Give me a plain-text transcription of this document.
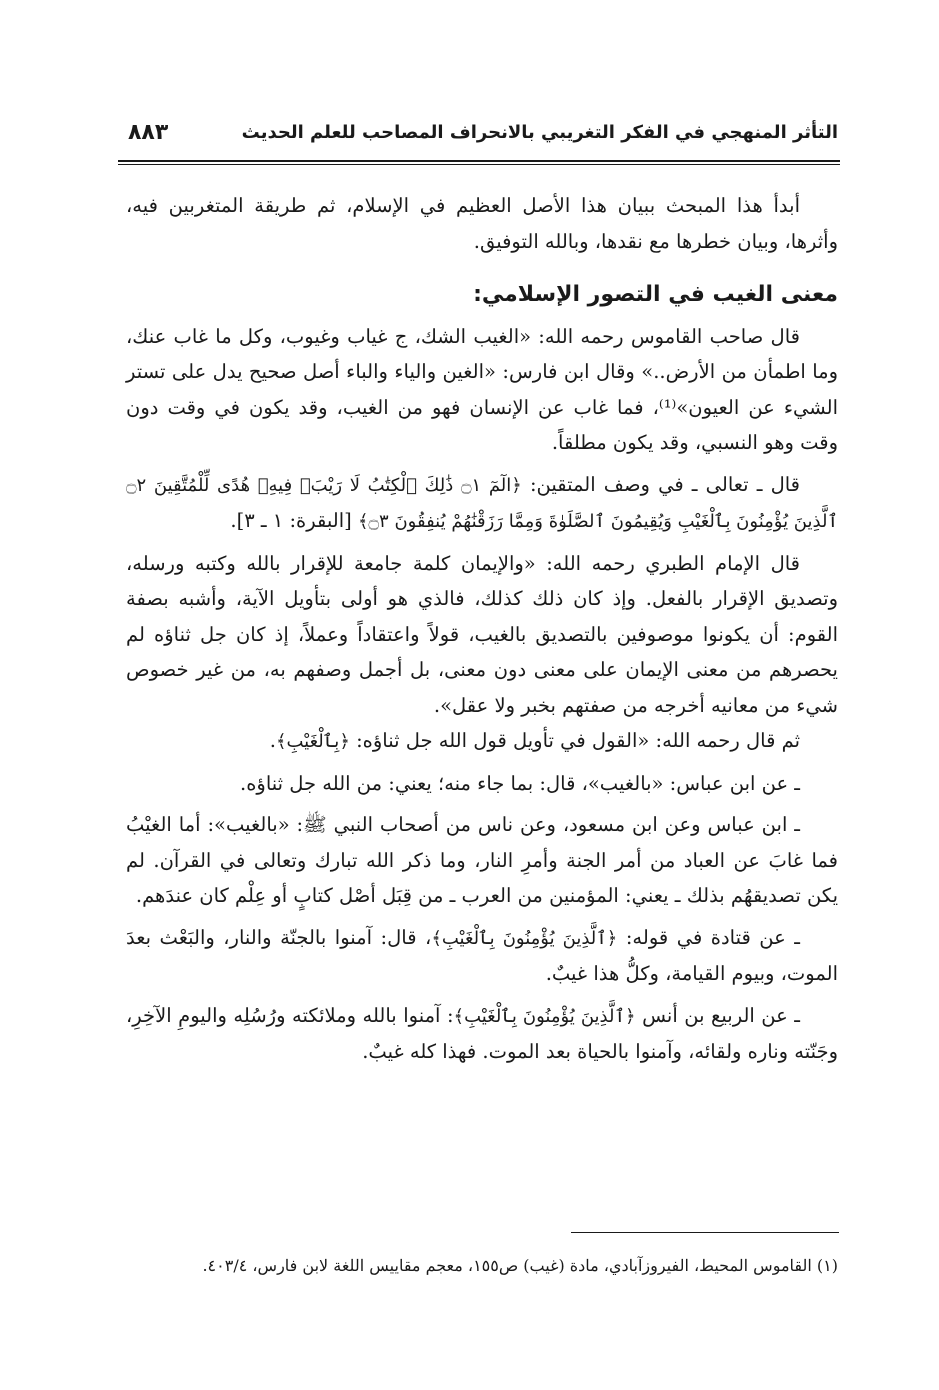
التأثر المنهجي في الفكر التغريبي بالانحراف المصاحب للعلم الحديث
٨٨٣

أبدأ هذا المبحث ببيان هذا الأصل العظيم في الإسلام، ثم طريقة المتغربين فيه، وأثرها، وبيان خطرها مع نقدها، وبالله التوفيق.

معنى الغيب في التصور الإسلامي:

قال صاحب القاموس رحمه الله: «الغيب الشك، ج غياب وغيوب، وكل ما غاب عنك، وما اطمأن من الأرض..» وقال ابن فارس: «الغين والياء والباء أصل صحيح يدل على تستر الشيء عن العيون»⁽¹⁾، فما غاب عن الإنسان فهو من الغيب، وقد يكون في وقت دون وقت وهو النسبي، وقد يكون مطلقاً.

قال ـ تعالى ـ في وصف المتقين: ﴿الٓمٓ ۝١ ذَٰلِكَ ٱلْكِتَٰبُ لَا رَيْبَۛ فِيهِۛ هُدًى لِّلْمُتَّقِينَ ۝٢ ٱلَّذِينَ يُؤْمِنُونَ بِٱلْغَيْبِ وَيُقِيمُونَ ٱلصَّلَوٰةَ وَمِمَّا رَزَقْنَٰهُمْ يُنفِقُونَ ۝٣﴾ [البقرة: ١ ـ ٣].

قال الإمام الطبري رحمه الله: «والإيمان كلمة جامعة للإقرار بالله وكتبه ورسله، وتصديق الإقرار بالفعل. وإذ كان ذلك كذلك، فالذي هو أولى بتأويل الآية، وأشبه بصفة القوم: أن يكونوا موصوفين بالتصديق بالغيب، قولاً واعتقاداً وعملاً، إذ كان جل ثناؤه لم يحصرهم من معنى الإيمان على معنى دون معنى، بل أجمل وصفهم به، من غير خصوص شيء من معانيه أخرجه من صفتهم بخبر ولا عقل».

ثم قال رحمه الله: «القول في تأويل قول الله جل ثناؤه: ﴿بِٱلْغَيْبِ﴾.

ـ عن ابن عباس: «بالغيب»، قال: بما جاء منه؛ يعني: من الله جل ثناؤه.

ـ ابن عباس وعن ابن مسعود، وعن ناس من أصحاب النبي ﷺ: «بالغيب»: أما الغيْبُ فما غابَ عن العباد من أمر الجنة وأمرِ النار، وما ذكر الله تبارك وتعالى في القرآن. لم يكن تصديقهُم بذلك ـ يعني: المؤمنين من العرب ـ من قِبَل أصْل كتابٍ أو عِلْم كان عندَهم.

ـ عن قتادة في قوله: ﴿ٱلَّذِينَ يُؤْمِنُونَ بِٱلْغَيْبِ﴾، قال: آمنوا بالجنّة والنار، والبَعْث بعدَ الموت، وبيوم القيامة، وكلُّ هذا غيبٌ.

ـ عن الربيع بن أنس ﴿ٱلَّذِينَ يُؤْمِنُونَ بِٱلْغَيْبِ﴾: آمنوا بالله وملائكته ورُسُلِه واليومِ الآخِرِ، وجَنّته وناره ولقائه، وآمنوا بالحياة بعد الموت. فهذا كله غيبٌ.

(١) القاموس المحيط، الفيروزآبادي، مادة (غيب) ص١٥٥، معجم مقاييس اللغة لابن فارس، ٤٠٣/٤.
